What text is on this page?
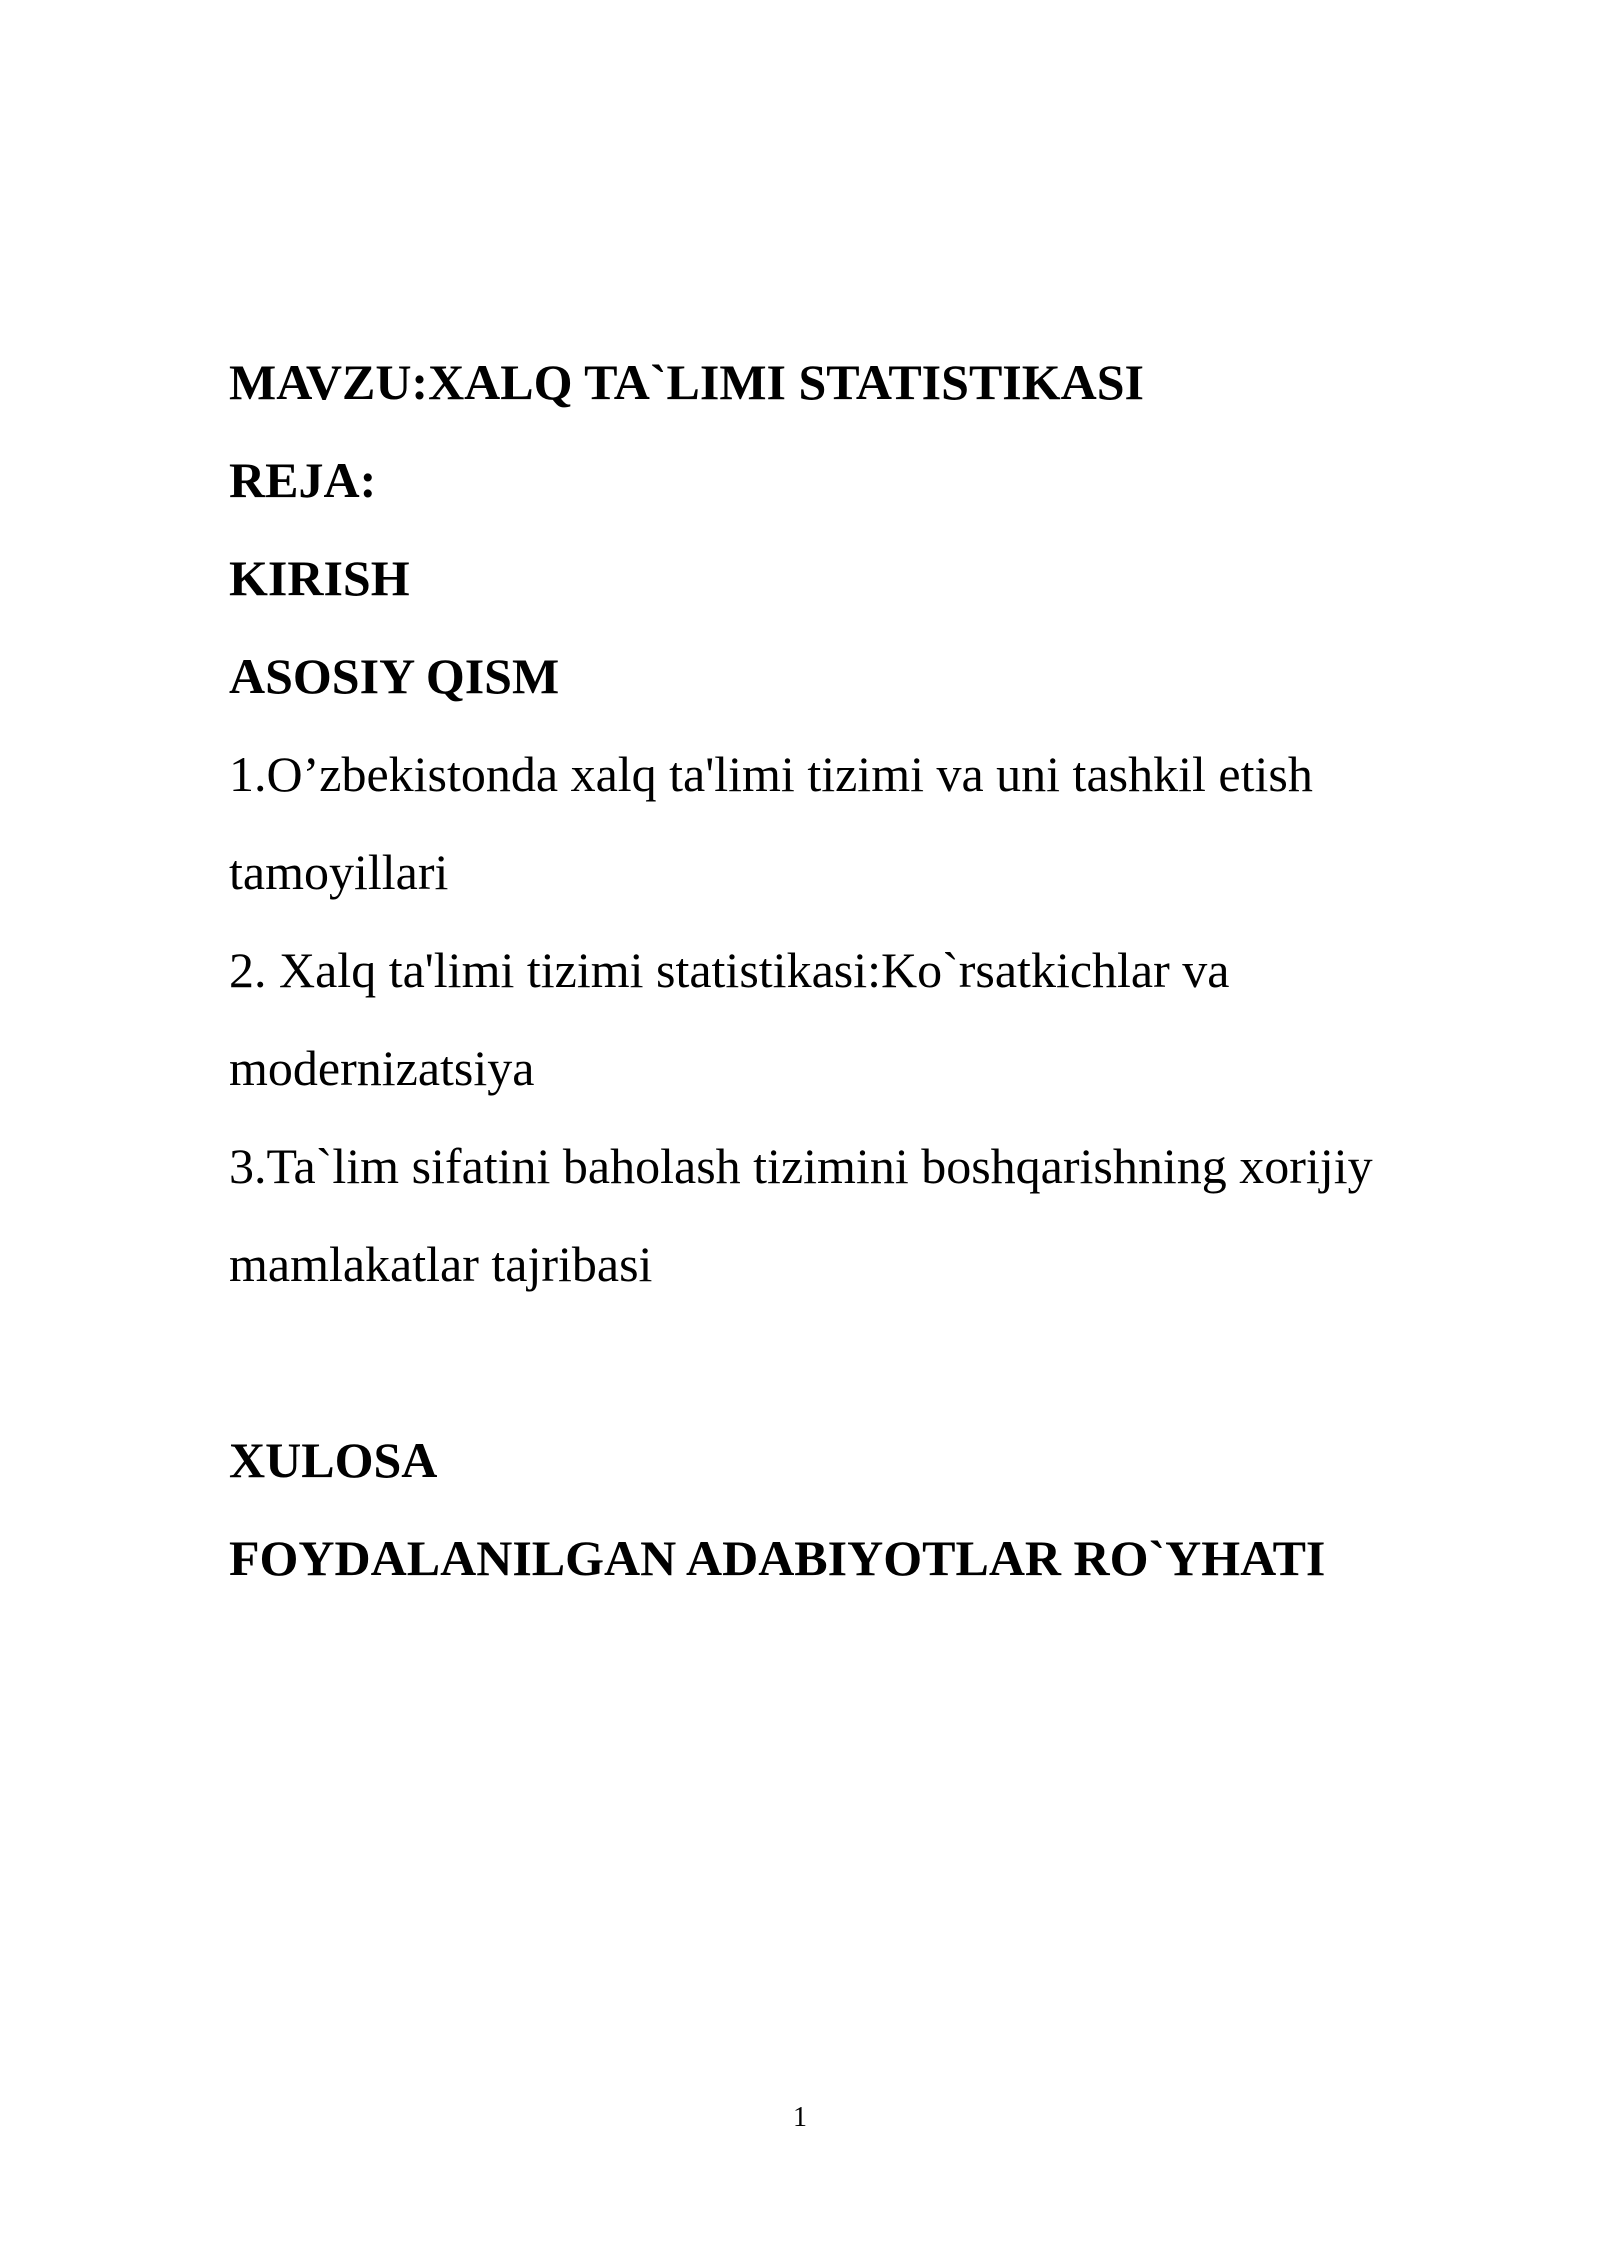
MAVZU:XALQ TA`LIMI STATISTIKASI

REJA:

KIRISH

ASOSIY QISM

1.O’zbekistonda xalq ta'limi tizimi va uni tashkil etish

tamoyillari

2. Xalq ta'limi tizimi statistikasi:Ko`rsatkichlar va

modernizatsiya

3.Ta`lim sifatini baholash tizimini boshqarishning xorijiy

mamlakatlar tajribasi

XULOSA

FOYDALANILGAN ADABIYOTLAR RO`YHATI

1
